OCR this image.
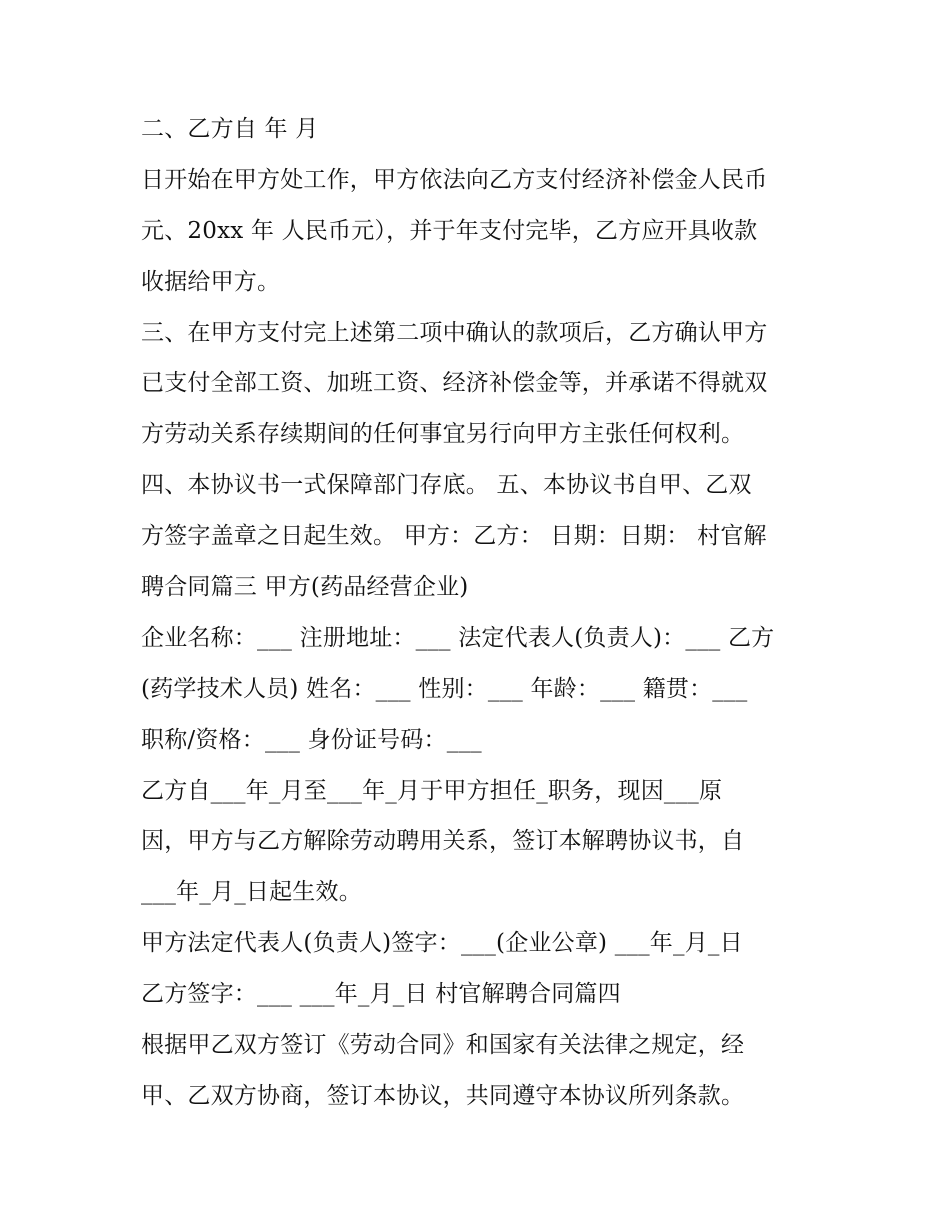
二、乙方自 年 月
日开始在甲方处工作，甲方依法向乙方支付经济补偿金人民币
元、20xx 年 人民币元），并于年支付完毕，乙方应开具收款
收据给甲方。
三、在甲方支付完上述第二项中确认的款项后，乙方确认甲方
已支付全部工资、加班工资、经济补偿金等，并承诺不得就双
方劳动关系存续期间的任何事宜另行向甲方主张任何权利。
四、本协议书一式保障部门存底。 五、本协议书自甲、乙双
方签字盖章之日起生效。 甲方：乙方： 日期：日期： 村官解
聘合同篇三 甲方(药品经营企业)
企业名称：___ 注册地址：___ 法定代表人(负责人)：___ 乙方
(药学技术人员) 姓名：___ 性别：___ 年龄：___ 籍贯：___
职称/资格：___ 身份证号码：___
乙方自___年_月至___年_月于甲方担任_职务，现因___原
因，甲方与乙方解除劳动聘用关系，签订本解聘协议书，自
___年_月_日起生效。
甲方法定代表人(负责人)签字：___(企业公章) ___年_月_日
乙方签字：___ ___年_月_日 村官解聘合同篇四
根据甲乙双方签订《劳动合同》和国家有关法律之规定，经
甲、乙双方协商，签订本协议，共同遵守本协议所列条款。
